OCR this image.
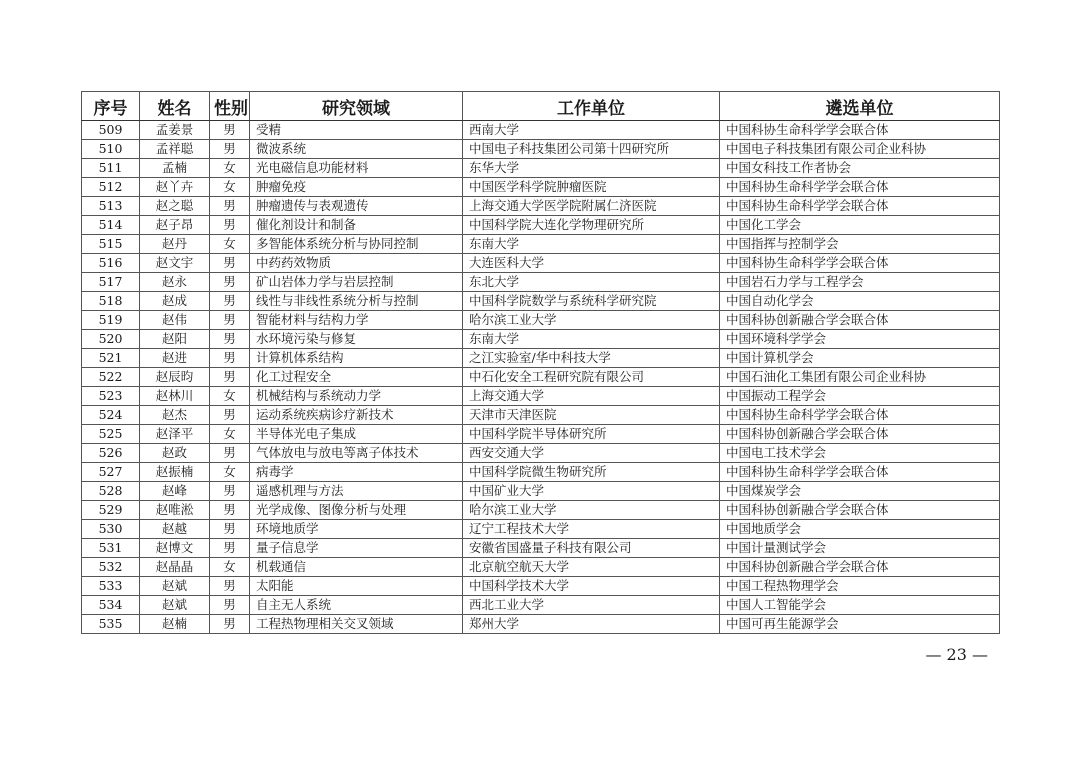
序号	姓名	性别	研究领域	工作单位	遴选单位
509	孟姜景	男	受精	西南大学	中国科协生命科学学会联合体
510	孟祥聪	男	微波系统	中国电子科技集团公司第十四研究所	中国电子科技集团有限公司企业科协
511	孟楠	女	光电磁信息功能材料	东华大学	中国女科技工作者协会
512	赵丫卉	女	肿瘤免疫	中国医学科学院肿瘤医院	中国科协生命科学学会联合体
513	赵之聪	男	肿瘤遗传与表观遗传	上海交通大学医学院附属仁济医院	中国科协生命科学学会联合体
514	赵子昂	男	催化剂设计和制备	中国科学院大连化学物理研究所	中国化工学会
515	赵丹	女	多智能体系统分析与协同控制	东南大学	中国指挥与控制学会
516	赵文宇	男	中药药效物质	大连医科大学	中国科协生命科学学会联合体
517	赵永	男	矿山岩体力学与岩层控制	东北大学	中国岩石力学与工程学会
518	赵成	男	线性与非线性系统分析与控制	中国科学院数学与系统科学研究院	中国自动化学会
519	赵伟	男	智能材料与结构力学	哈尔滨工业大学	中国科协创新融合学会联合体
520	赵阳	男	水环境污染与修复	东南大学	中国环境科学学会
521	赵进	男	计算机体系结构	之江实验室/华中科技大学	中国计算机学会
522	赵辰昀	男	化工过程安全	中石化安全工程研究院有限公司	中国石油化工集团有限公司企业科协
523	赵林川	女	机械结构与系统动力学	上海交通大学	中国振动工程学会
524	赵杰	男	运动系统疾病诊疗新技术	天津市天津医院	中国科协生命科学学会联合体
525	赵泽平	女	半导体光电子集成	中国科学院半导体研究所	中国科协创新融合学会联合体
526	赵政	男	气体放电与放电等离子体技术	西安交通大学	中国电工技术学会
527	赵振楠	女	病毒学	中国科学院微生物研究所	中国科协生命科学学会联合体
528	赵峰	男	遥感机理与方法	中国矿业大学	中国煤炭学会
529	赵唯淞	男	光学成像、图像分析与处理	哈尔滨工业大学	中国科协创新融合学会联合体
530	赵越	男	环境地质学	辽宁工程技术大学	中国地质学会
531	赵博文	男	量子信息学	安徽省国盛量子科技有限公司	中国计量测试学会
532	赵晶晶	女	机载通信	北京航空航天大学	中国科协创新融合学会联合体
533	赵斌	男	太阳能	中国科学技术大学	中国工程热物理学会
534	赵斌	男	自主无人系统	西北工业大学	中国人工智能学会
535	赵楠	男	工程热物理相关交叉领域	郑州大学	中国可再生能源学会
— 23 —
